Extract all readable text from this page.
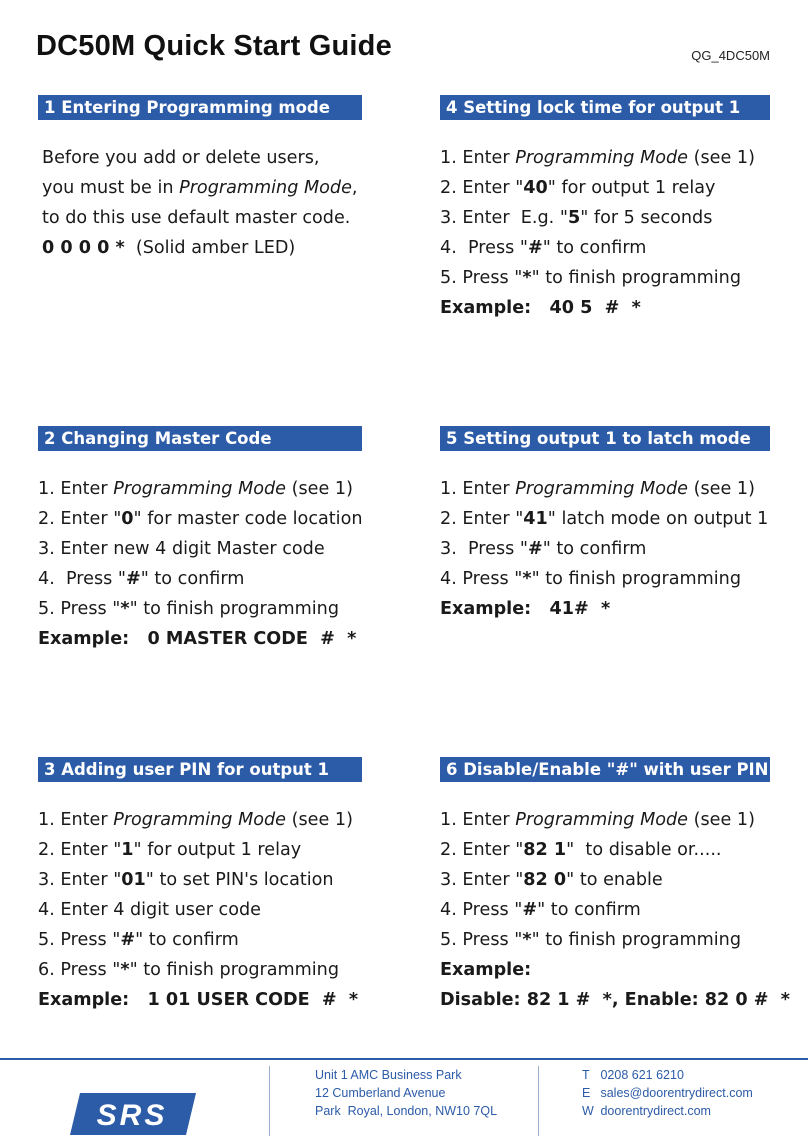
DC50M Quick Start Guide	QG_4DC50M
1 Entering Programming mode
Before you add or delete users,
you must be in Programming Mode,
to do this use default master code.
0 0 0 0 *  (Solid amber LED)
4 Setting lock time for output 1
1. Enter Programming Mode (see 1)
2. Enter "40" for output 1 relay
3. Enter  E.g. "5" for 5 seconds
4.  Press "#" to confirm
5. Press "*" to finish programming
Example:   40 5  #  *
2 Changing Master Code
1. Enter Programming Mode (see 1)
2. Enter "0" for master code location
3. Enter new 4 digit Master code
4.  Press "#" to confirm
5. Press "*" to finish programming
Example:   0 MASTER CODE  #  *
5 Setting output 1 to latch mode
1. Enter Programming Mode (see 1)
2. Enter "41" latch mode on output 1
3.  Press "#" to confirm
4. Press "*" to finish programming
Example:   41#  *
3 Adding user PIN for output 1
1. Enter Programming Mode (see 1)
2. Enter "1" for output 1 relay
3. Enter "01" to set PIN's location
4. Enter 4 digit user code
5. Press "#" to confirm
6. Press "*" to finish programming
Example:   1 01 USER CODE  #  *
6 Disable/Enable "#" with user PIN
1. Enter Programming Mode (see 1)
2. Enter "82 1"  to disable or.....
3. Enter "82 0" to enable
4. Press "#" to confirm
5. Press "*" to finish programming
Example:
Disable: 82 1 #  *, Enable: 82 0 #  *
SRS
Unit 1 AMC Business Park
12 Cumberland Avenue
Park  Royal, London, NW10 7QL
T 0208 621 6210
E sales@doorentrydirect.com
W doorentrydirect.com
